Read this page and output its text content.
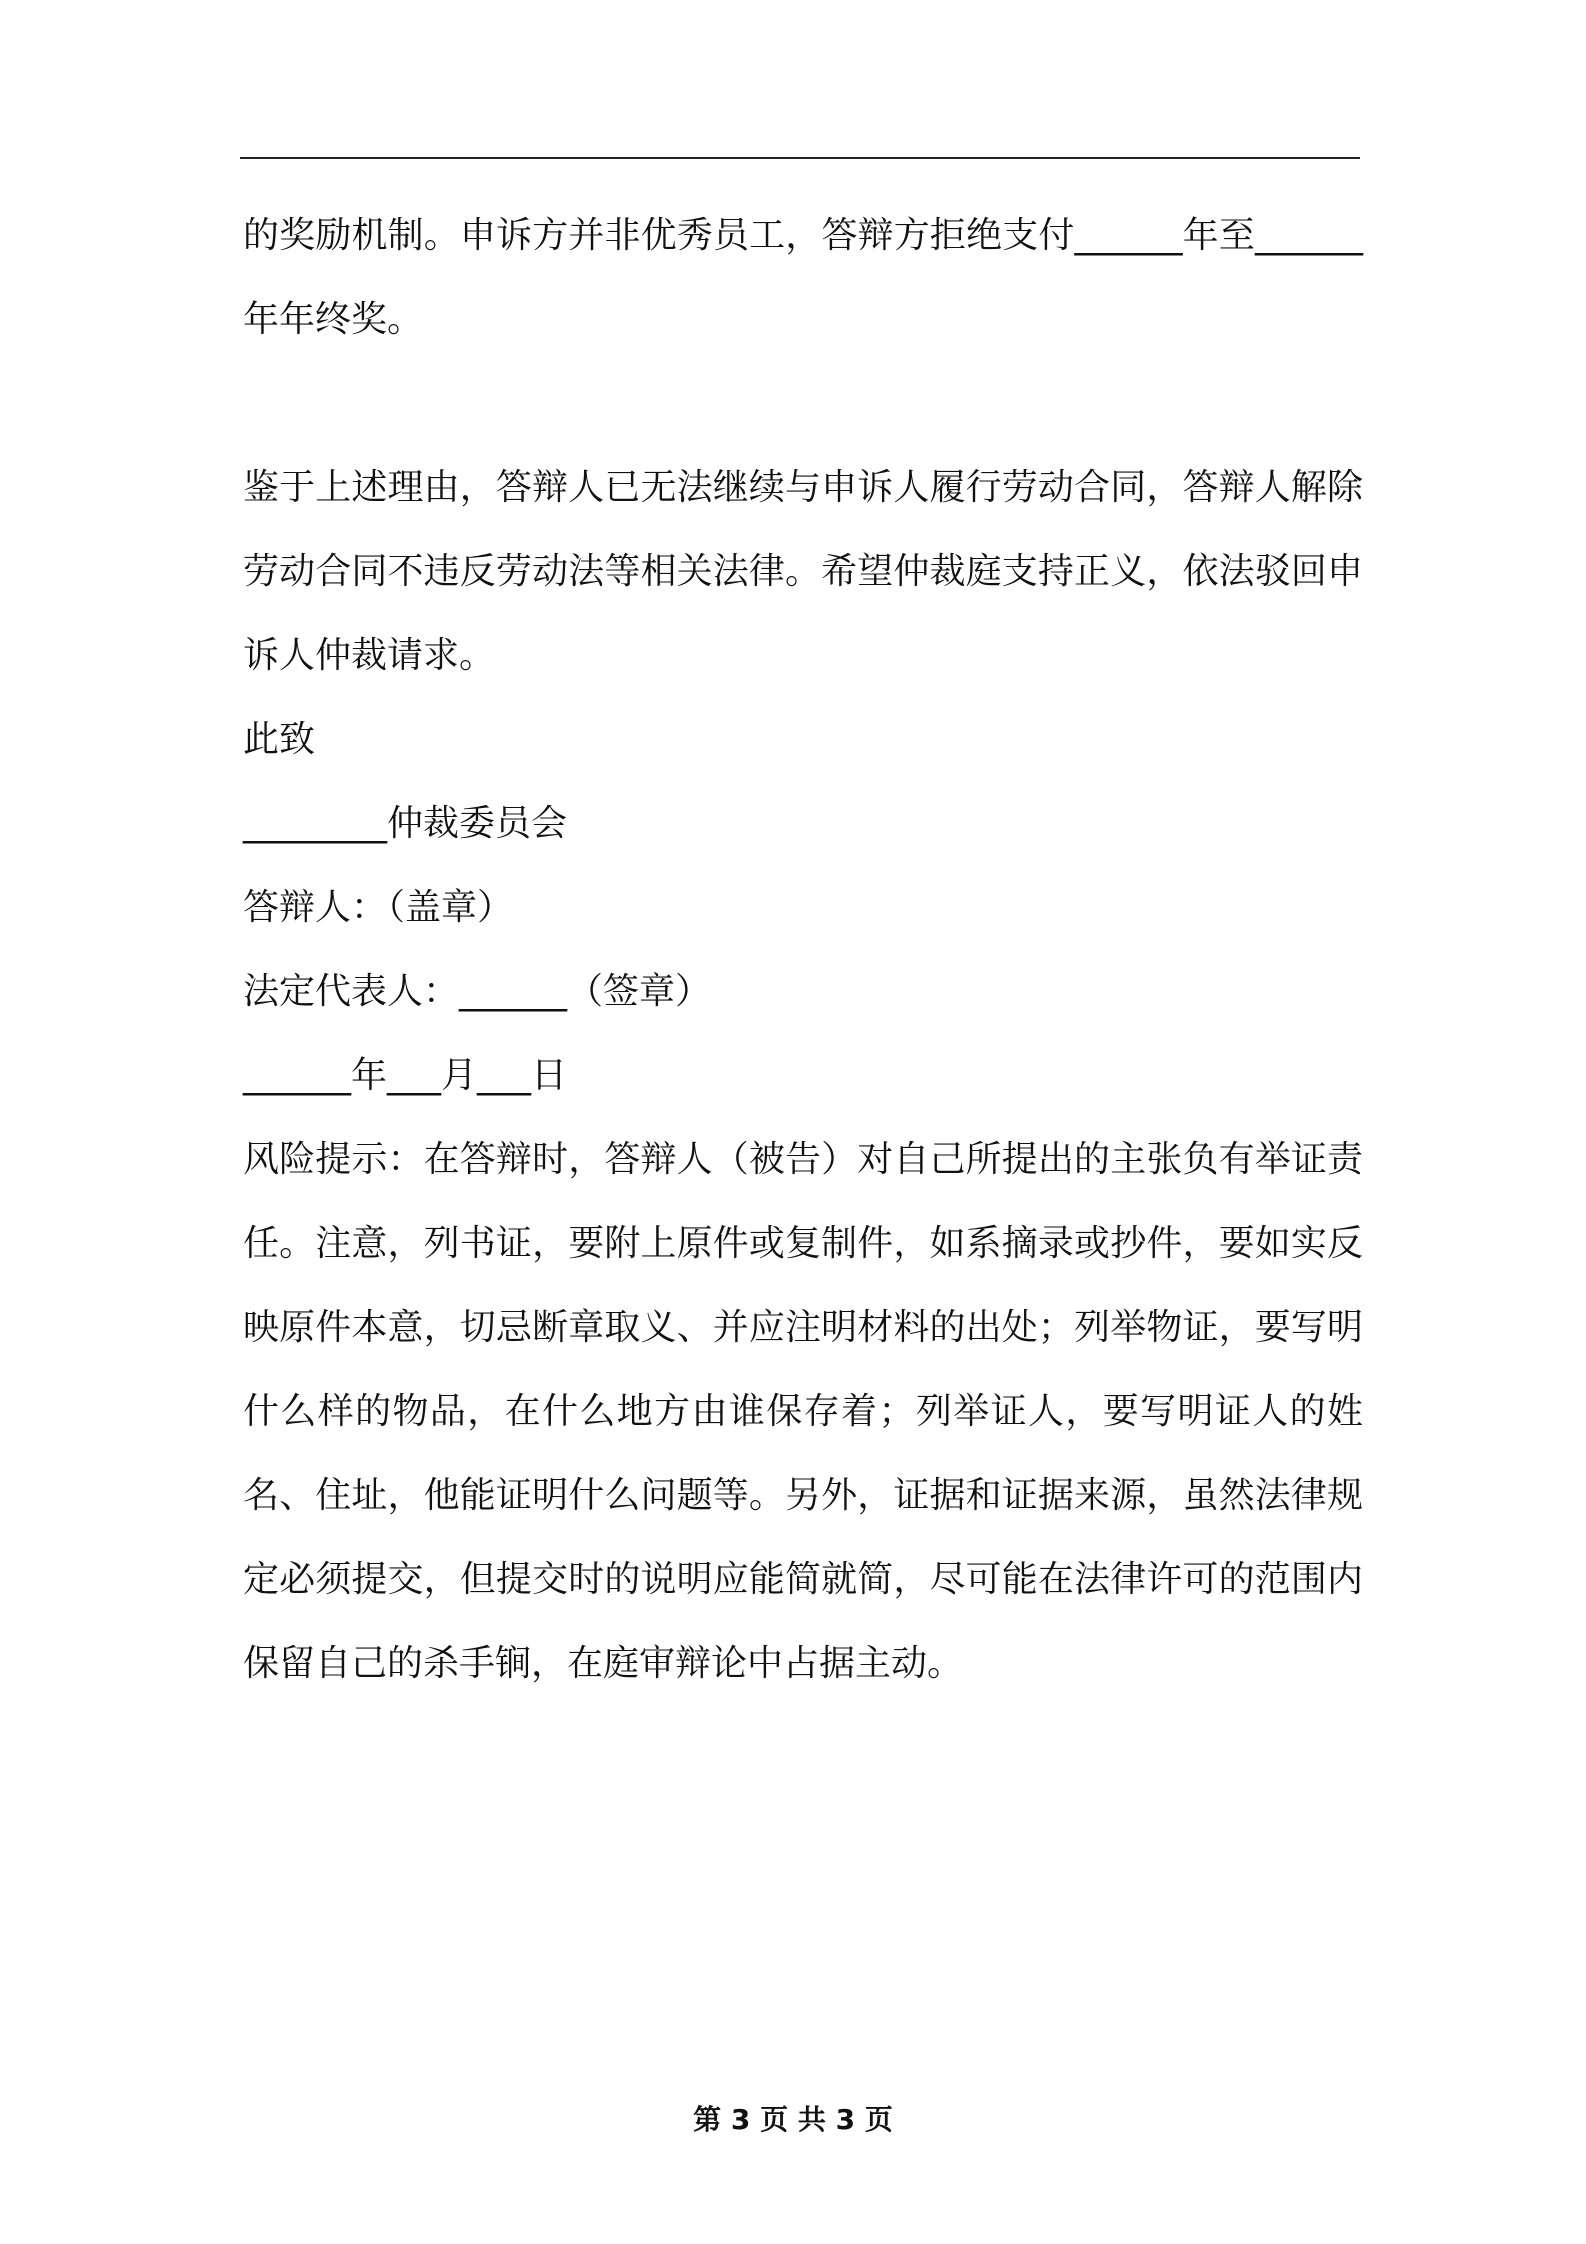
的奖励机制。申诉方并非优秀员工，答辩方拒绝支付______年至______年年终奖。

鉴于上述理由，答辩人已无法继续与申诉人履行劳动合同，答辩人解除劳动合同不违反劳动法等相关法律。希望仲裁庭支持正义，依法驳回申诉人仲裁请求。

此致

________仲裁委员会

答辩人：（盖章）

法定代表人：______（签章）

______年___月___日

风险提示：在答辩时，答辩人（被告）对自己所提出的主张负有举证责任。注意，列书证，要附上原件或复制件，如系摘录或抄件，要如实反映原件本意，切忌断章取义、并应注明材料的出处；列举物证，要写明什么样的物品，在什么地方由谁保存着；列举证人，要写明证人的姓名、住址，他能证明什么问题等。另外，证据和证据来源，虽然法律规定必须提交，但提交时的说明应能简就简，尽可能在法律许可的范围内保留自己的杀手锏，在庭审辩论中占据主动。

第 3 页 共 3 页
